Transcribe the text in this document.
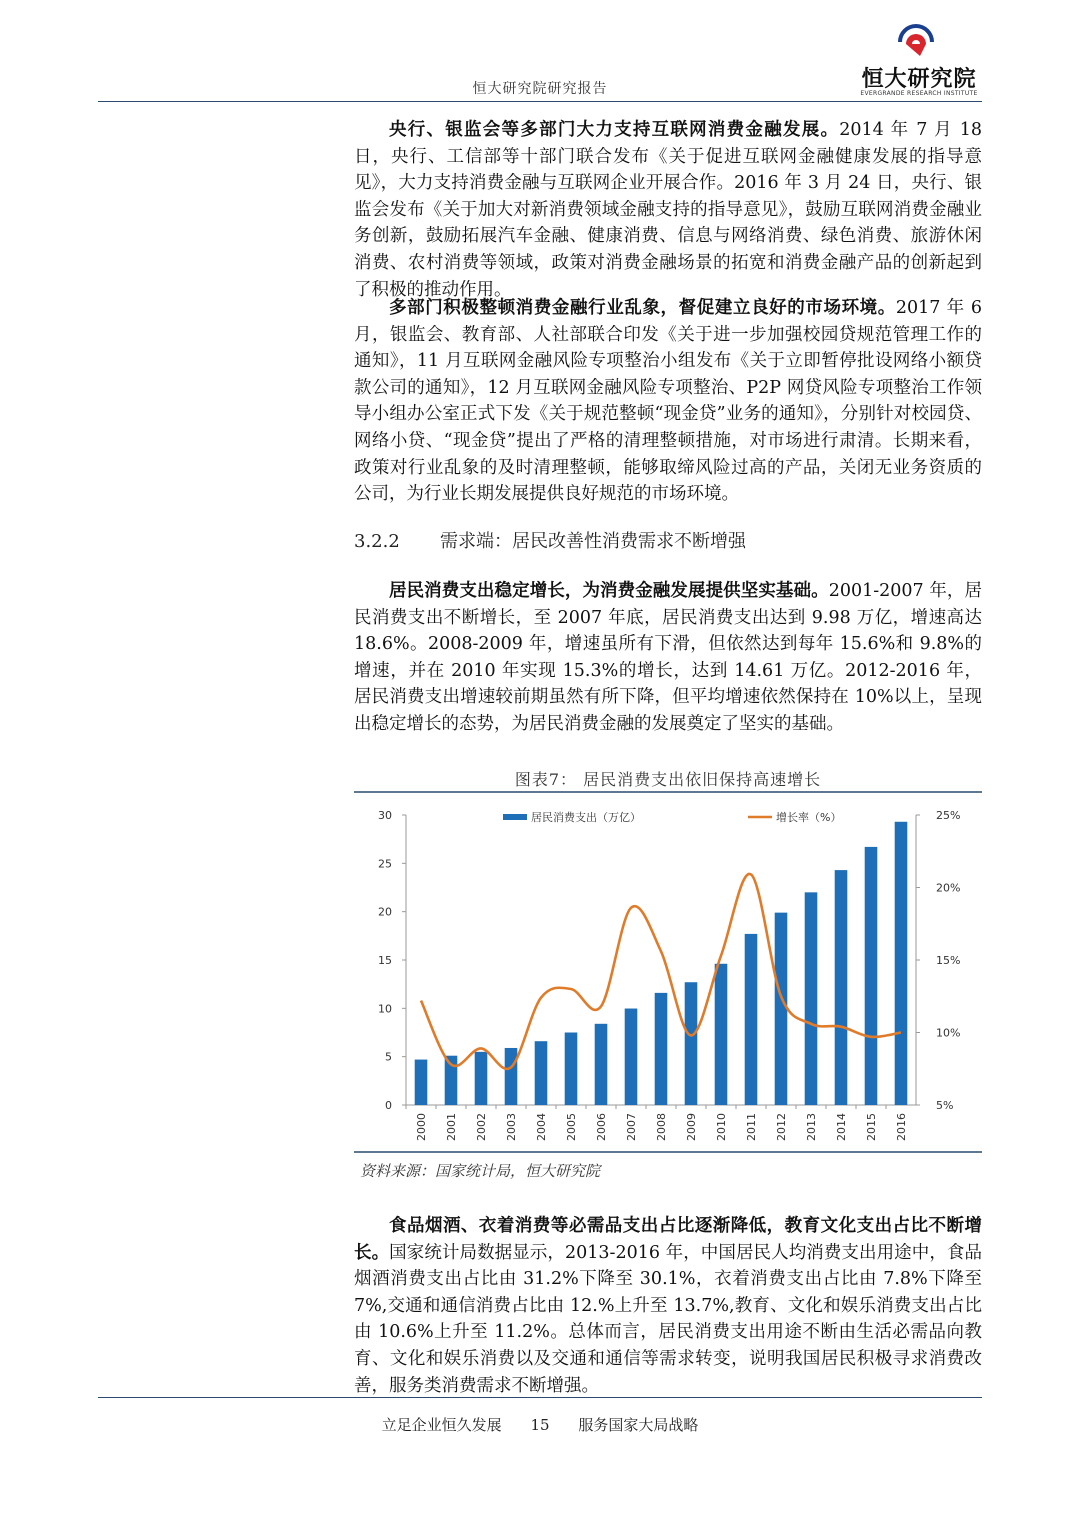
恒大研究院
EVERGRANDE RESEARCH INSTITUTE
恒大研究院研究报告

央行、银监会等多部门大力支持互联网消费金融发展。2014 年 7 月 18 日，央行、工信部等十部门联合发布《关于促进互联网金融健康发展的指导意见》，大力支持消费金融与互联网企业开展合作。2016 年 3 月 24 日，央行、银监会发布《关于加大对新消费领域金融支持的指导意见》，鼓励互联网消费金融业务创新，鼓励拓展汽车金融、健康消费、信息与网络消费、绿色消费、旅游休闲消费、农村消费等领域，政策对消费金融场景的拓宽和消费金融产品的创新起到了积极的推动作用。

多部门积极整顿消费金融行业乱象，督促建立良好的市场环境。2017 年 6 月，银监会、教育部、人社部联合印发《关于进一步加强校园贷规范管理工作的通知》，11 月互联网金融风险专项整治小组发布《关于立即暂停批设网络小额贷款公司的通知》，12 月互联网金融风险专项整治、P2P 网贷风险专项整治工作领导小组办公室正式下发《关于规范整顿“现金贷”业务的通知》，分别针对校园贷、网络小贷、“现金贷”提出了严格的清理整顿措施，对市场进行肃清。长期来看，政策对行业乱象的及时清理整顿，能够取缔风险过高的产品，关闭无业务资质的公司，为行业长期发展提供良好规范的市场环境。

3.2.2 需求端：居民改善性消费需求不断增强

居民消费支出稳定增长，为消费金融发展提供坚实基础。2001-2007 年，居民消费支出不断增长，至 2007 年底，居民消费支出达到 9.98 万亿，增速高达 18.6%。2008-2009 年，增速虽所有下滑，但依然达到每年 15.6%和 9.8%的增速，并在 2010 年实现 15.3%的增长，达到 14.61 万亿。2012-2016 年，居民消费支出增速较前期虽然有所下降，但平均增速依然保持在 10%以上，呈现出稳定增长的态势，为居民消费金融的发展奠定了坚实的基础。

图表7： 居民消费支出依旧保持高速增长
0
5
10
15
20
25
30
5%
10%
15%
20%
25%
2000 2001 2002 2003 2004 2005 2006 2007 2008 2009 2010 2011 2012 2013 2014 2015 2016
居民消费支出（万亿）	增长率（%）
资料来源：国家统计局，恒大研究院

食品烟酒、衣着消费等必需品支出占比逐渐降低，教育文化支出占比不断增长。国家统计局数据显示，2013-2016 年，中国居民人均消费支出用途中，食品烟酒消费支出占比由 31.2%下降至 30.1%，衣着消费支出占比由 7.8%下降至 7%,交通和通信消费占比由 12.%上升至 13.7%,教育、文化和娱乐消费支出占比由 10.6%上升至 11.2%。总体而言，居民消费支出用途不断由生活必需品向教育、文化和娱乐消费以及交通和通信等需求转变，说明我国居民积极寻求消费改善，服务类消费需求不断增强。

立足企业恒久发展 15 服务国家大局战略
